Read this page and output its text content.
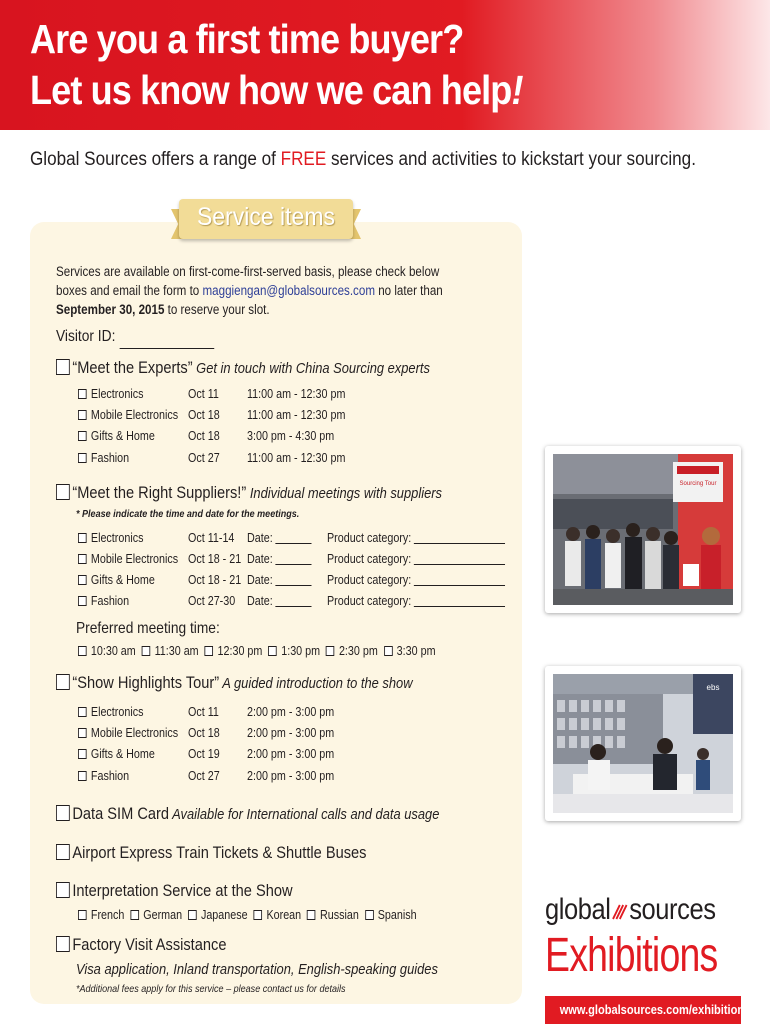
Are you a first time buyer?
Let us know how we can help!
Global Sources offers a range of FREE services and activities to kickstart your sourcing.
Service items
Services are available on first-come-first-served basis, please check below
boxes and email the form to maggiengan@globalsources.com no later than
September 30, 2015 to reserve your slot.
Visitor ID:
“Meet the Experts” Get in touch with China Sourcing experts
Electronics	Oct 11 11:00 am - 12:30 pm
Mobile Electronics Oct 18 11:00 am - 12:30 pm
Gifts & Home	Oct 18 3:00 pm - 4:30 pm
Fashion	Oct 27 11:00 am - 12:30 pm
“Meet the Right Suppliers!” Individual meetings with suppliers
* Please indicate the time and date for the meetings.
Electronics	Oct 11-14 Date:	Product category:
Mobile Electronics Oct 18 - 21 Date:	Product category:
Gifts & Home	Oct 18 - 21 Date:	Product category:
Fashion	Oct 27-30 Date:	Product category:
Preferred meeting time:
10:30 am 11:30 am 12:30 pm 1:30 pm 2:30 pm 3:30 pm
“Show Highlights Tour” A guided introduction to the show
Electronics	Oct 11 2:00 pm - 3:00 pm
Mobile Electronics Oct 18 2:00 pm - 3:00 pm
Gifts & Home	Oct 19 2:00 pm - 3:00 pm
Fashion	Oct 27 2:00 pm - 3:00 pm
Data SIM Card Available for International calls and data usage
Airport Express Train Tickets & Shuttle Buses
Interpretation Service at the Show
French German Japanese Korean Russian Spanish
Factory Visit Assistance
Visa application, Inland transportation, English-speaking guides
*Additional fees apply for this service – please contact us for details
Sourcing Tour
ebs
global sources
Exhibitions
www.globalsources.com/exhibitions
